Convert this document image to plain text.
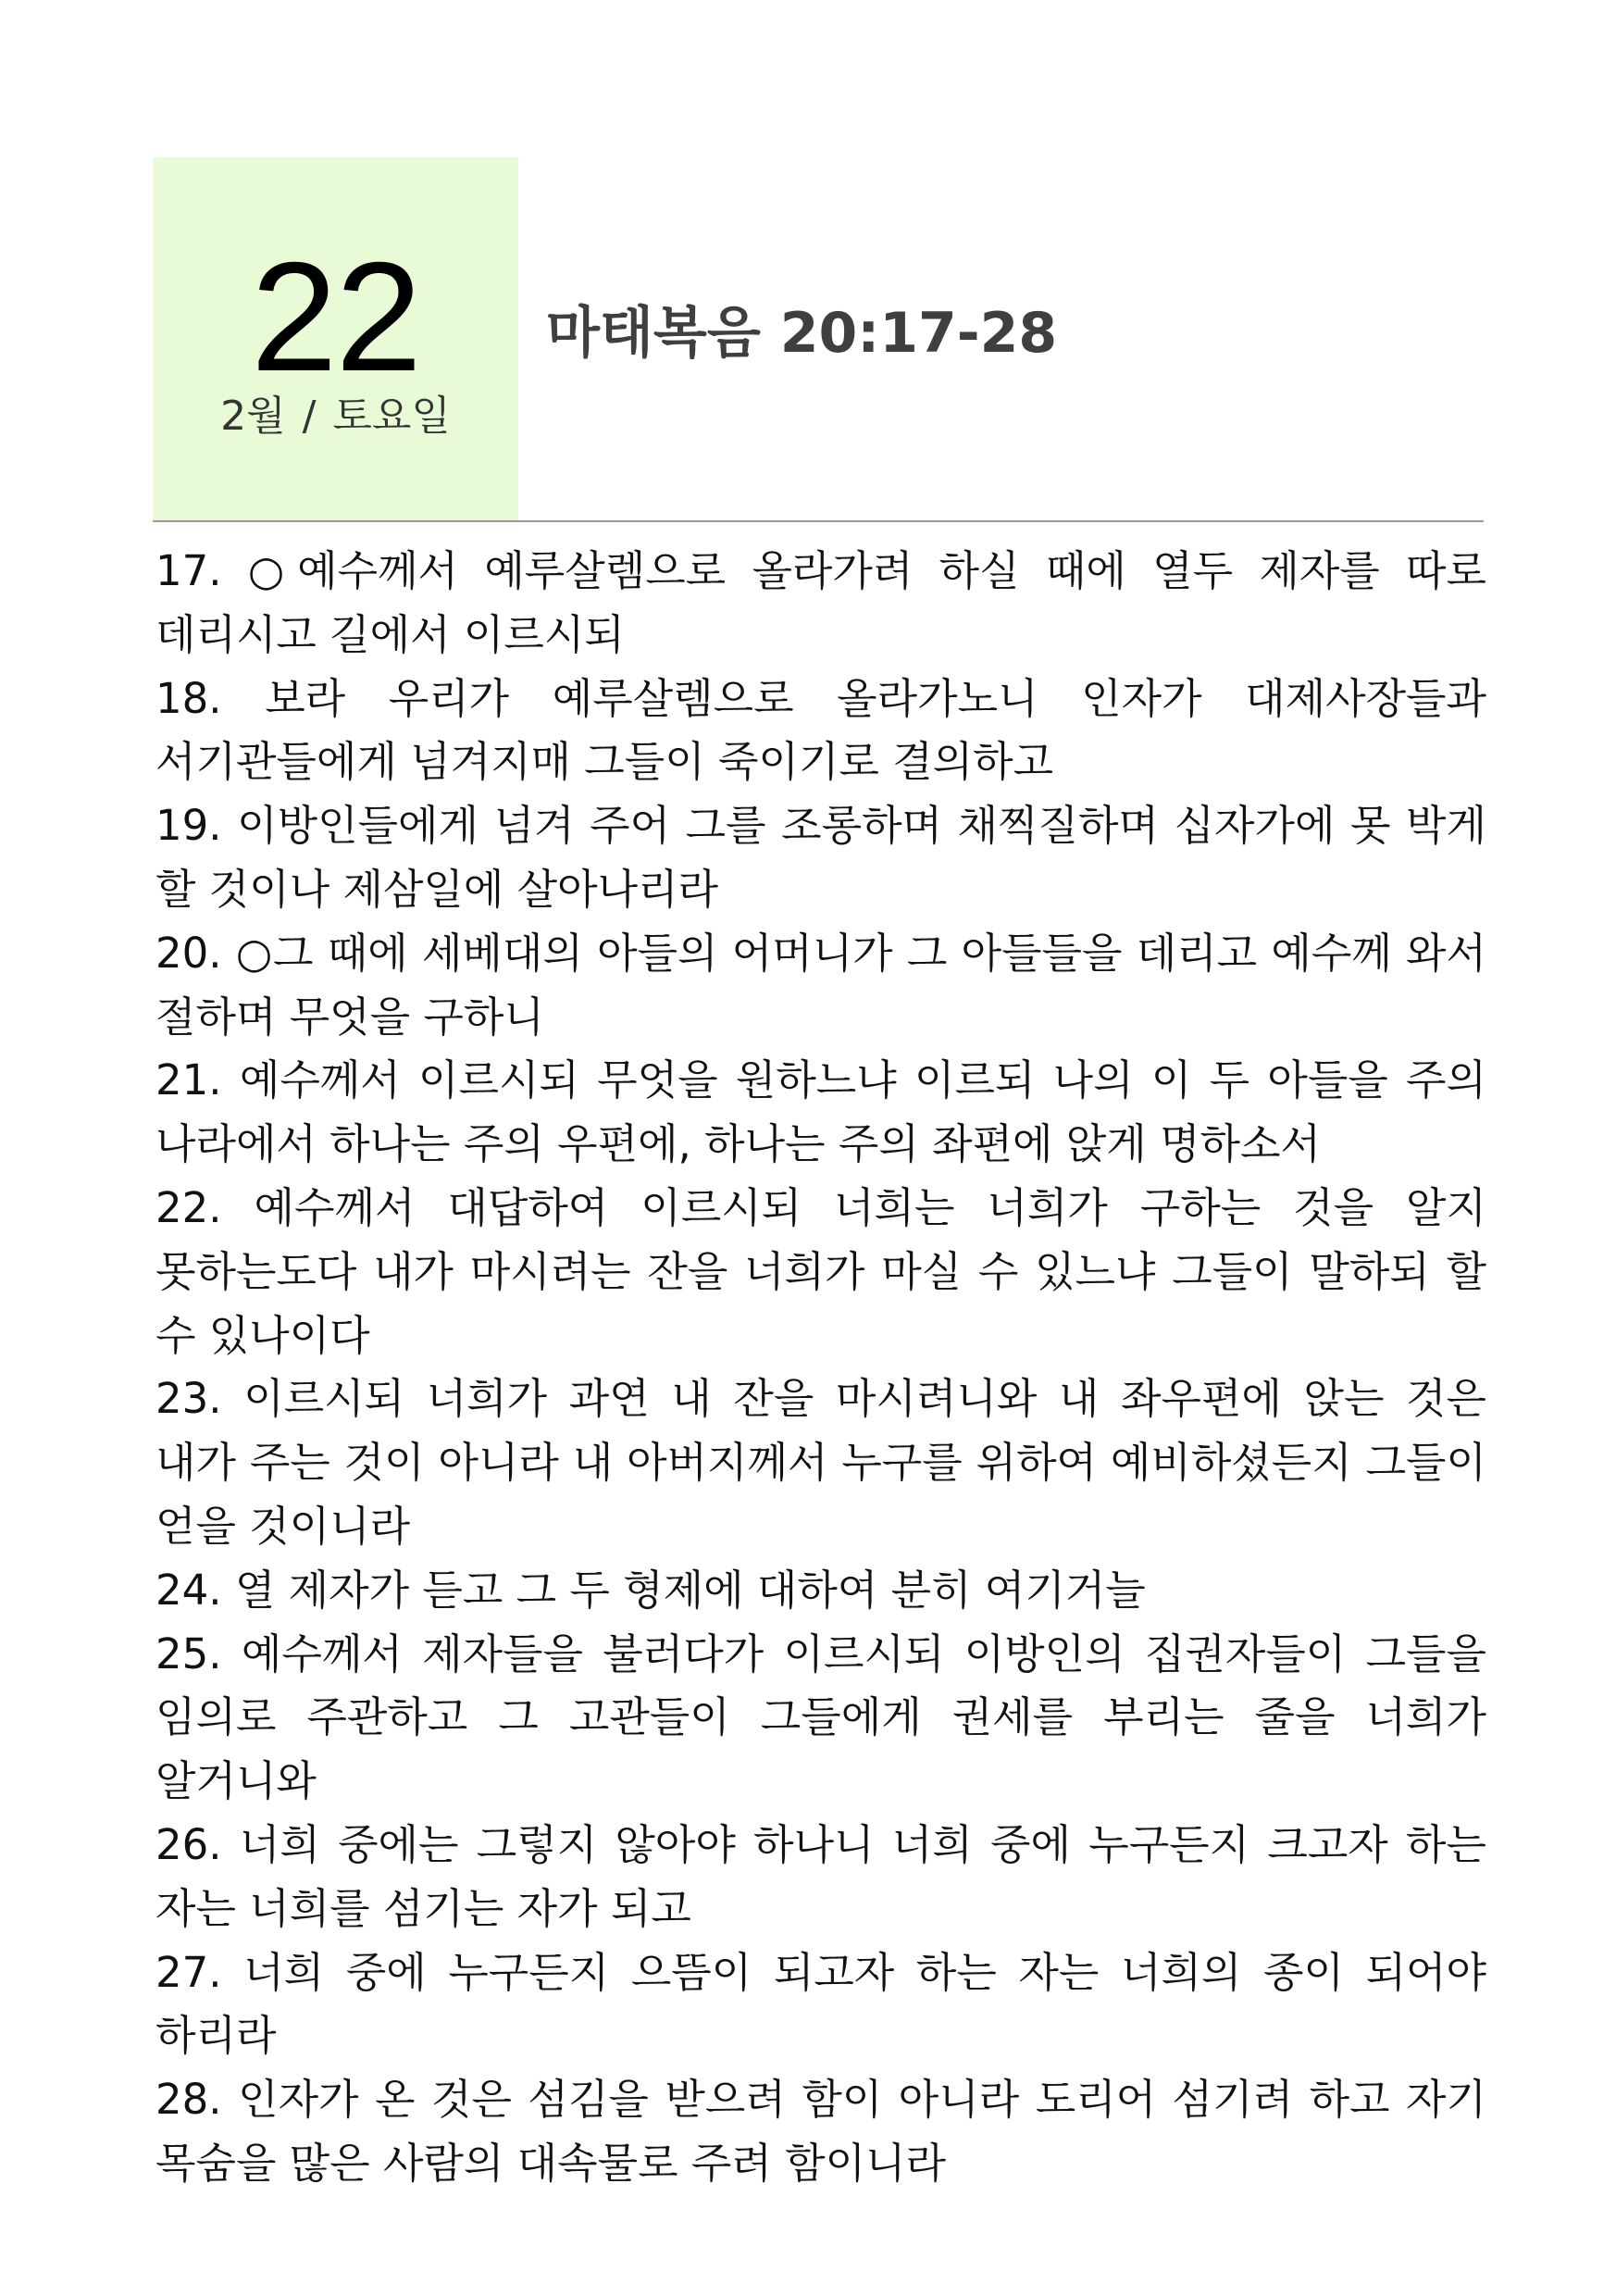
22
2월 / 토요일
마태복음 20:17-28
17. ○예수께서 예루살렘으로 올라가려 하실 때에 열두 제자를 따로 데리시고 길에서 이르시되
18. 보라 우리가 예루살렘으로 올라가노니 인자가 대제사장들과 서기관들에게 넘겨지매 그들이 죽이기로 결의하고
19. 이방인들에게 넘겨 주어 그를 조롱하며 채찍질하며 십자가에 못 박게 할 것이나 제삼일에 살아나리라
20. ○그 때에 세베대의 아들의 어머니가 그 아들들을 데리고 예수께 와서 절하며 무엇을 구하니
21. 예수께서 이르시되 무엇을 원하느냐 이르되 나의 이 두 아들을 주의 나라에서 하나는 주의 우편에, 하나는 주의 좌편에 앉게 명하소서
22. 예수께서 대답하여 이르시되 너희는 너희가 구하는 것을 알지 못하는도다 내가 마시려는 잔을 너희가 마실 수 있느냐 그들이 말하되 할 수 있나이다
23. 이르시되 너희가 과연 내 잔을 마시려니와 내 좌우편에 앉는 것은 내가 주는 것이 아니라 내 아버지께서 누구를 위하여 예비하셨든지 그들이 얻을 것이니라
24. 열 제자가 듣고 그 두 형제에 대하여 분히 여기거늘
25. 예수께서 제자들을 불러다가 이르시되 이방인의 집권자들이 그들을 임의로 주관하고 그 고관들이 그들에게 권세를 부리는 줄을 너희가 알거니와
26. 너희 중에는 그렇지 않아야 하나니 너희 중에 누구든지 크고자 하는 자는 너희를 섬기는 자가 되고
27. 너희 중에 누구든지 으뜸이 되고자 하는 자는 너희의 종이 되어야 하리라
28. 인자가 온 것은 섬김을 받으려 함이 아니라 도리어 섬기려 하고 자기 목숨을 많은 사람의 대속물로 주려 함이니라
